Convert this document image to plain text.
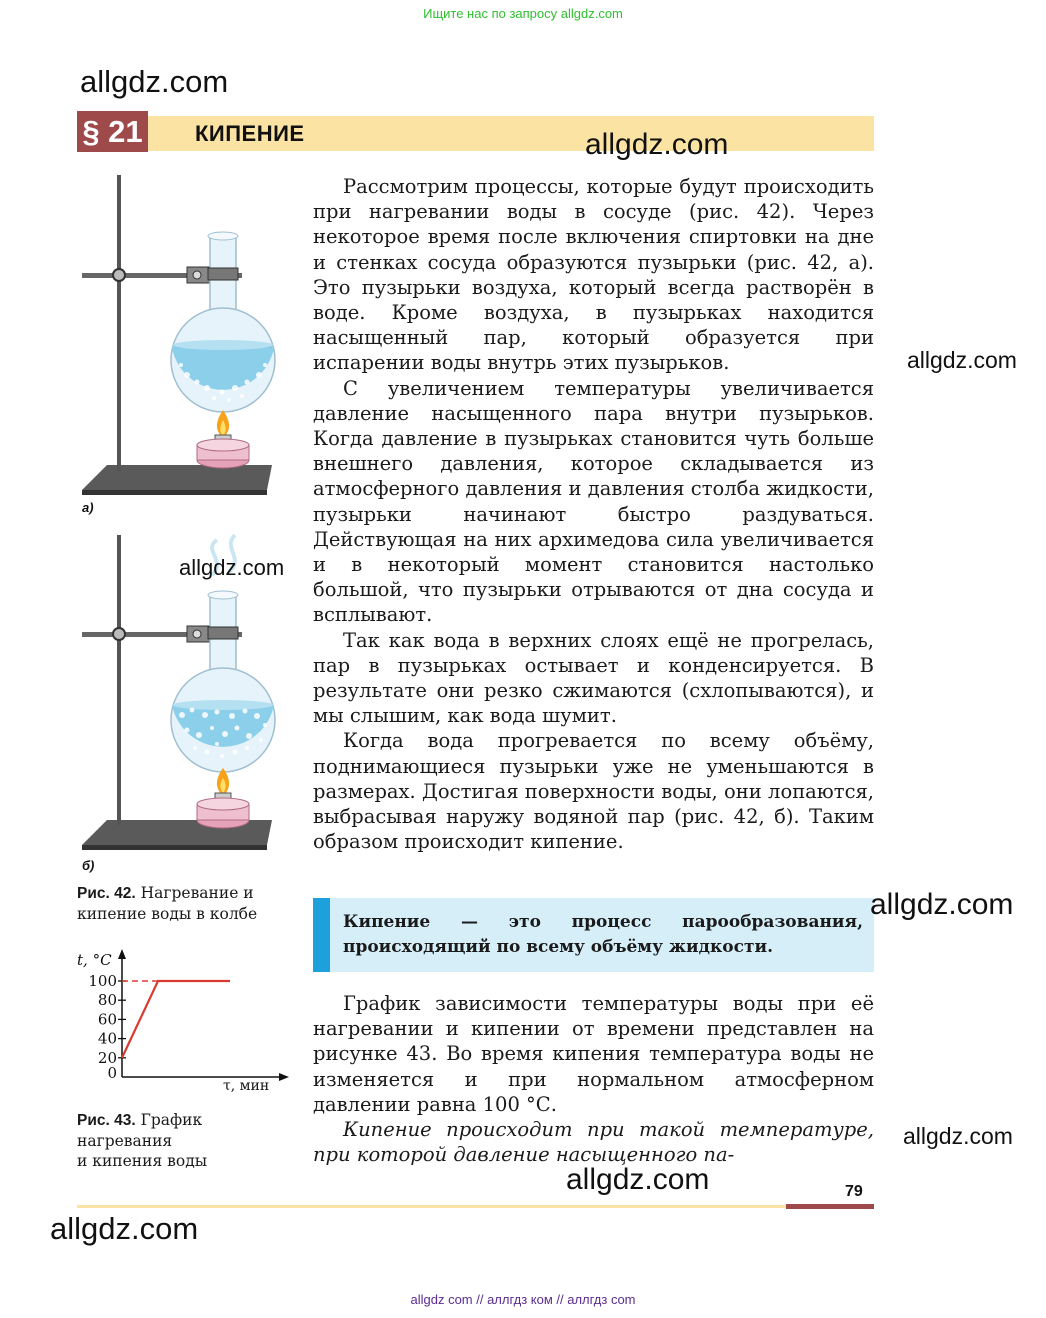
Ищите нас по запросу allgdz.com
allgdz.com
§ 21 КИПЕНИЕ	allgdz.com
а)
б)
allgdz.com
Рис. 42. Нагревание и кипение воды в колбе
t, °C
τ, мин
100
80
60
40
20
0
Рис. 43. График
нагревания
и кипения воды

Рассмотрим процессы, которые будут происходить при нагревании воды в сосуде (рис. 42). Через некоторое время после включения спиртовки на дне и стенках сосуда образуются пузырьки (рис. 42, а). Это пузырьки воздуха, который всегда растворён в воде. Кроме воздуха, в пузырьках находится насыщенный пар, который образуется при испарении воды внутрь этих пузырьков.

С увеличением температуры увеличивается давление насыщенного пара внутри пузырьков. Когда давление в пузырьках становится чуть больше внешнего давления, которое складывается из атмосферного давления и давления столба жидкости, пузырьки начинают быстро раздуваться. Действующая на них архимедова сила увеличивается и в некоторый момент становится настолько большой, что пузырьки отрываются от дна сосуда и всплывают.

Так как вода в верхних слоях ещё не прогрелась, пар в пузырьках остывает и конденсируется. В результате они резко сжимаются (схлопываются), и мы слышим, как вода шумит.

Когда вода прогревается по всему объёму, поднимающиеся пузырьки уже не уменьшаются в размерах. Достигая поверхности воды, они лопаются, выбрасывая наружу водяной пар (рис. 42, б). Таким образом происходит кипение.

allgdz.com
Кипение — это процесс парообразования, происходящий по всему объёму жидкости.
allgdz.com

График зависимости температуры воды при её нагревании и кипении от времени представлен на рисунке 43. Во время кипения температура воды не изменяется и при нормальном атмосферном давлении равна 100 °С.

Кипение происходит при такой температуре, при которой давление насыщенного па-

allgdz.com
allgdz.com	79
allgdz.com
allgdz com // аллгдз ком // аллгдз com
